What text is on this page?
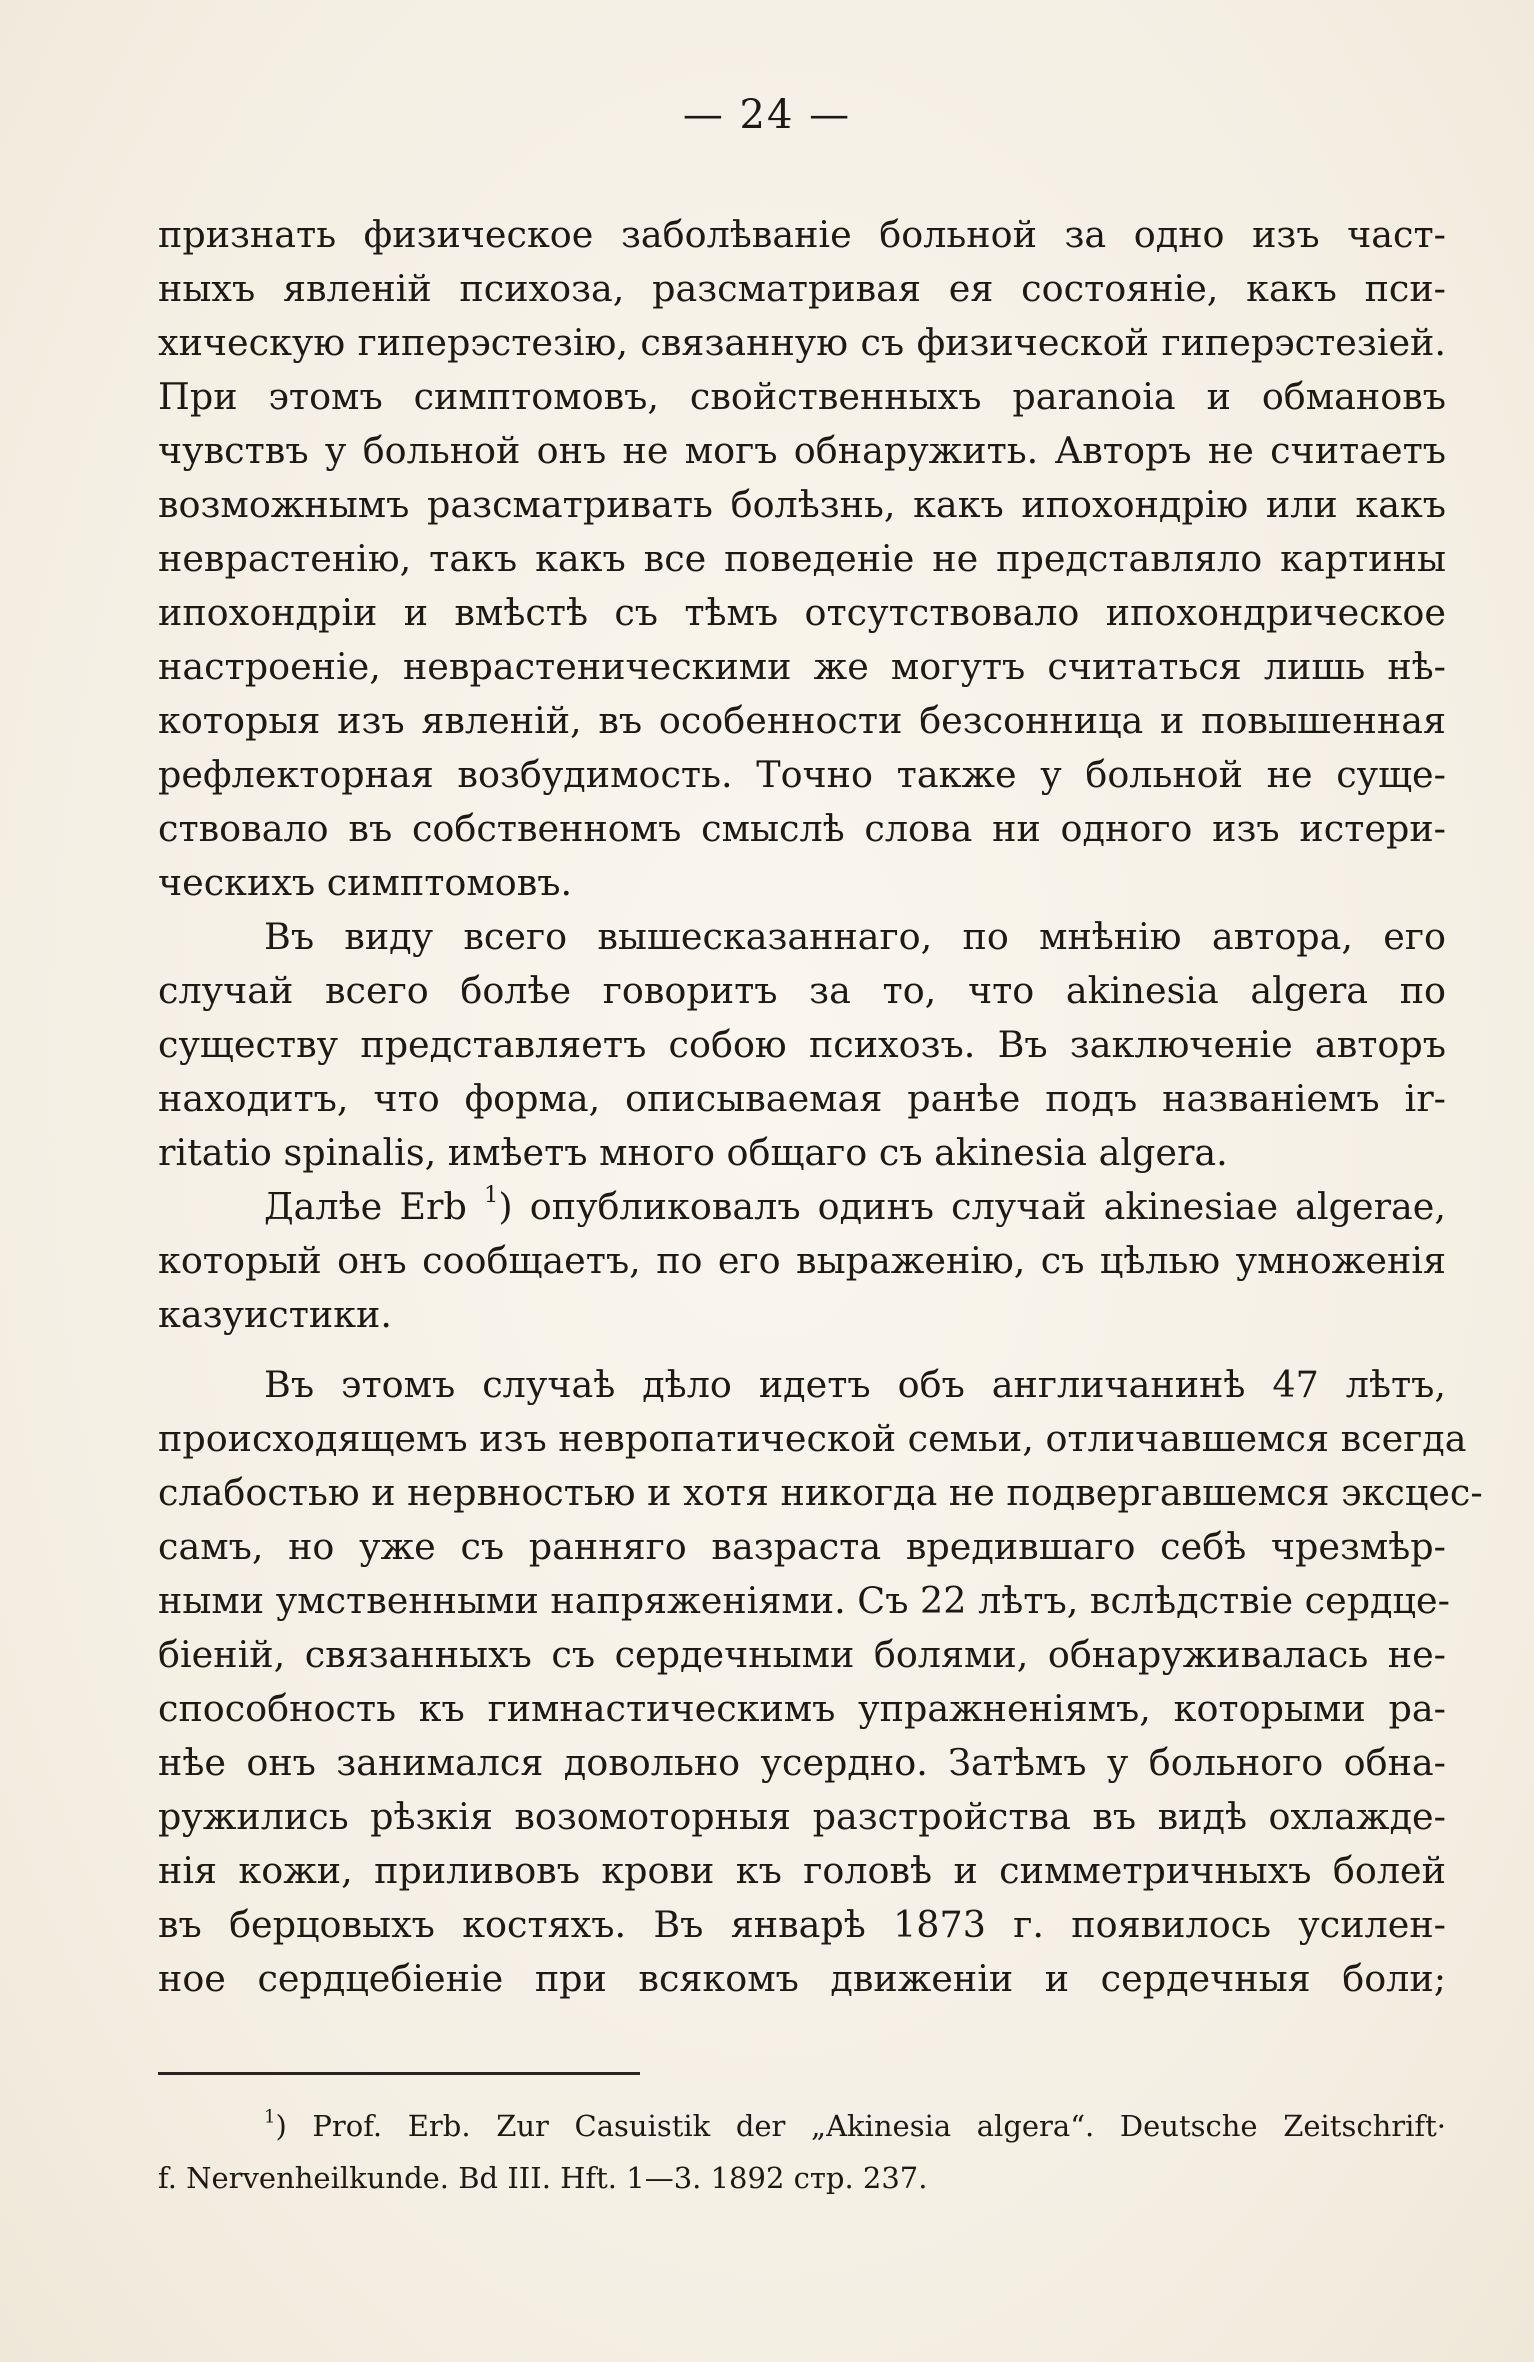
— 24 —
признать физическое заболѣваніе больной за одно изъ част-
ныхъ явленій психоза, разсматривая ея состояніе, какъ пси-
хическую гиперэстезію, связанную съ физической гиперэстезіей.
При этомъ симптомовъ, свойственныхъ paranoia и обмановъ
чувствъ у больной онъ не могъ обнаружить. Авторъ не считаетъ
возможнымъ разсматривать болѣзнь, какъ ипохондрію или какъ
неврастенію, такъ какъ все поведеніе не представляло картины
ипохондріи и вмѣстѣ съ тѣмъ отсутствовало ипохондрическое
настроеніе, неврастеническими же могутъ считаться лишь нѣ-
которыя изъ явленій, въ особенности безсонница и повышенная
рефлекторная возбудимость. Точно также у больной не суще-
ствовало въ собственномъ смыслѣ слова ни одного изъ истери-
ческихъ симптомовъ.
Въ виду всего вышесказаннаго, по мнѣнію автора, его
случай всего болѣе говоритъ за то, что akinesia algera по
существу представляетъ собою психозъ. Въ заключеніе авторъ
находитъ, что форма, описываемая ранѣе подъ названіемъ ir-
ritatio spinalis, имѣетъ много общаго съ akinesia algera.
Далѣе Erb $^1$) опубликовалъ одинъ случай akinesiae algerae,
который онъ сообщаетъ, по его выраженію, съ цѣлью умноженія
казуистики.
Въ этомъ случаѣ дѣло идетъ объ англичанинѣ 47 лѣтъ,
происходящемъ изъ невропатической семьи, отличавшемся всегда
слабостью и нервностью и хотя никогда не подвергавшемся эксцес-
самъ, но уже съ ранняго вазраста вредившаго себѣ чрезмѣр-
ными умственными напряженіями. Съ 22 лѣтъ, вслѣдствіе сердце-
біеній, связанныхъ съ сердечными болями, обнаруживалась не-
способность къ гимнастическимъ упражненіямъ, которыми ра-
нѣе онъ занимался довольно усердно. Затѣмъ у больного обна-
ружились рѣзкія возомоторныя разстройства въ видѣ охлажде-
нія кожи, приливовъ крови къ головѣ и симметричныхъ болей
въ берцовыхъ костяхъ. Въ январѣ 1873 г. появилось усилен-
ное сердцебіеніе при всякомъ движеніи и сердечныя боли;
$^1$) Prof. Erb. Zur Casuistik der „Akinesia algera“. Deutsche Zeitschrift·
f. Nervenheilkunde. Bd III. Hft. 1—3. 1892 стр. 237.
